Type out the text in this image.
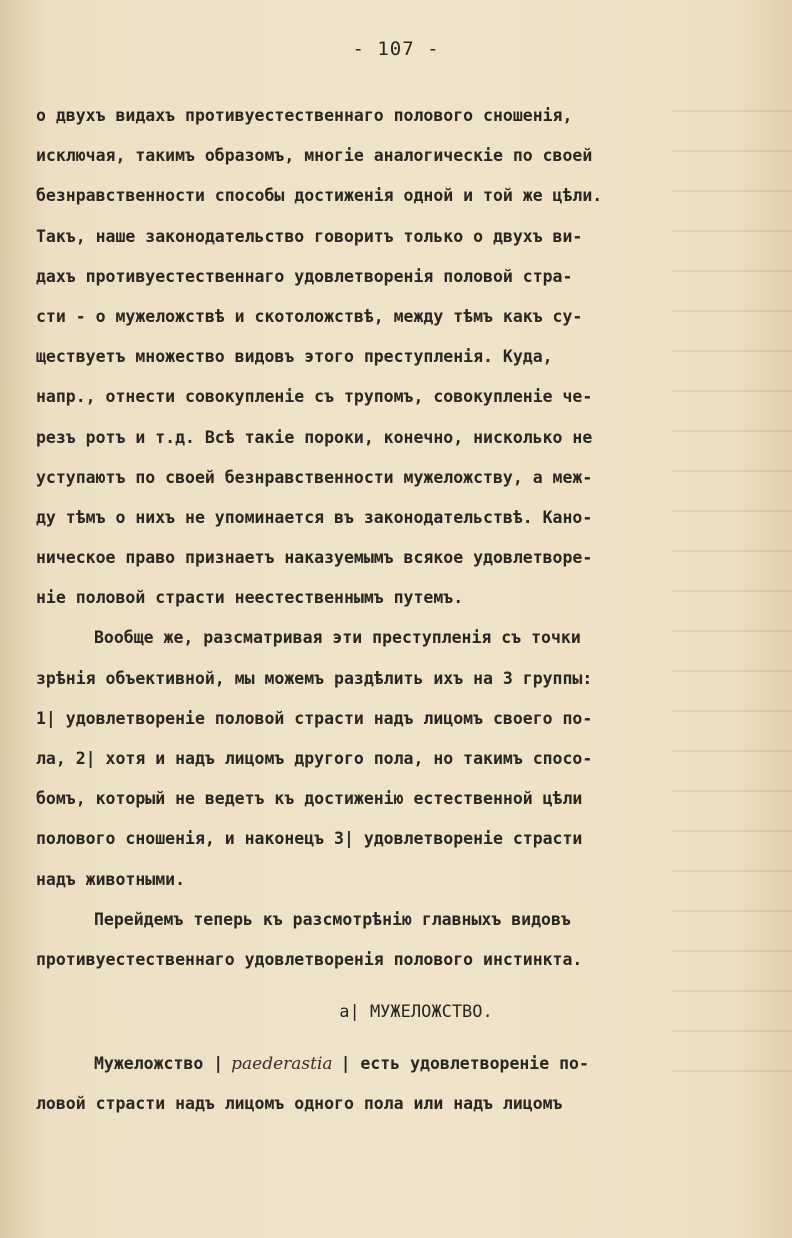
- 107 -
о двухъ видахъ противуестественнаго полового сношенія,
исключая, такимъ образомъ, многіе аналогическіе по своей
безнравственности способы достиженія одной и той же цѣли.
Такъ, наше законодательство говоритъ только о двухъ ви-
дахъ противуестественнаго удовлетворенія половой стра-
сти - о мужеложствѣ и скотоложствѣ, между тѣмъ какъ су-
ществуетъ множество видовъ этого преступленія. Куда,
напр., отнести совокупленіе съ трупомъ, совокупленіе че-
резъ ротъ и т.д. Всѣ такіе пороки, конечно, нисколько не
уступаютъ по своей безнравственности мужеложству, а меж-
ду тѣмъ о нихъ не упоминается въ законодательствѣ. Кано-
ническое право признаетъ наказуемымъ всякое удовлетворе-
ніе половой страсти неестественнымъ путемъ.
Вообще же, разсматривая эти преступленія съ точки
зрѣнія объективной, мы можемъ раздѣлить ихъ на 3 группы:
1| удовлетвореніе половой страсти надъ лицомъ своего по-
ла, 2| хотя и надъ лицомъ другого пола, но такимъ спосо-
бомъ, который не ведетъ къ достиженію естественной цѣли
полового сношенія, и наконецъ 3| удовлетвореніе страсти
надъ животными.
Перейдемъ теперь къ разсмотрѣнію главныхъ видовъ
противуестественнаго удовлетворенія полового инстинкта.
а| МУЖЕЛОЖСТВО.
Мужеложство | paederastia | есть удовлетвореніе по-
ловой страсти надъ лицомъ одного пола или надъ лицомъ
